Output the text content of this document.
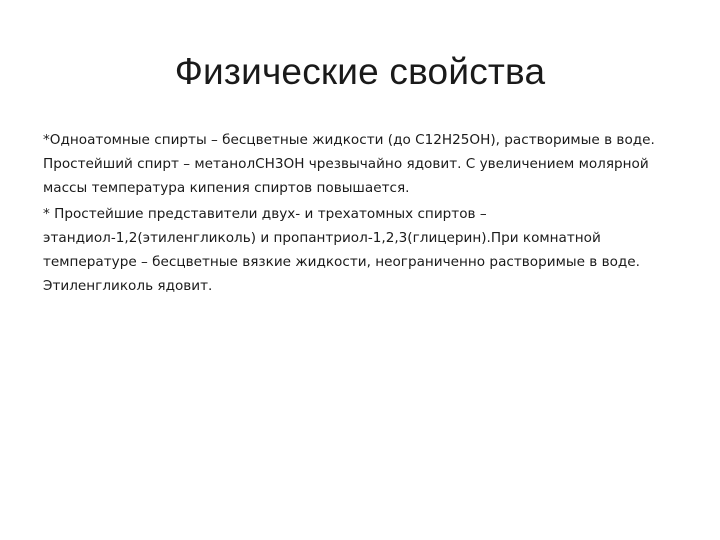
Физические свойства

*Одноатомные спирты – бесцветные жидкости (до С12Н25ОН), растворимые в воде. Простейший спирт – метанолСН3ОН чрезвычайно ядовит. С увеличением молярной массы температура кипения спиртов повышается.

* Простейшие представители двух- и трехатомных спиртов – этандиол-1,2(этиленгликоль) и пропантриол-1,2,3(глицерин).При комнатной температуре – бесцветные вязкие жидкости, неограниченно растворимые в воде. Этиленгликоль ядовит.
